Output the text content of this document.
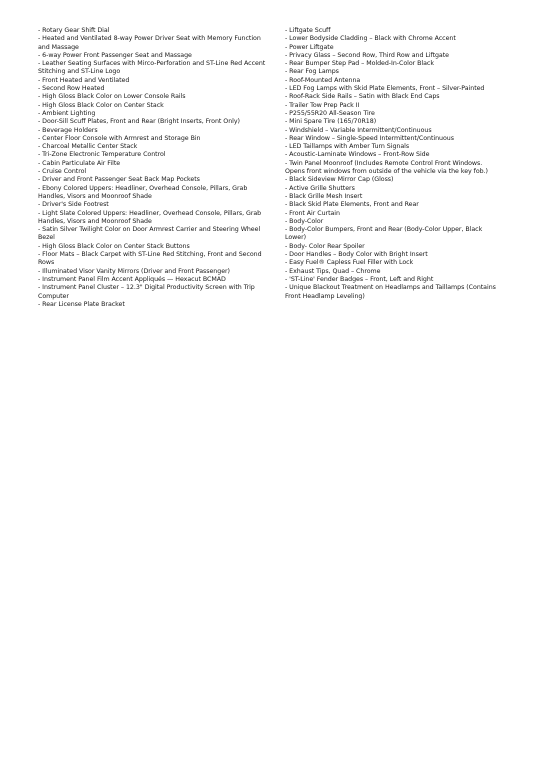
- Rotary Gear Shift Dial
- Heated and Ventilated 8-way Power Driver Seat with Memory Function and Massage
- 6-way Power Front Passenger Seat and Massage
- Leather Seating Surfaces with Mirco-Perforation and ST-Line Red Accent Stitching and ST-Line Logo
- Front Heated and Ventilated
- Second Row Heated
- High Gloss Black Color on Lower Console Rails
- High Gloss Black Color on Center Stack
- Ambient Lighting
- Door-Sill Scuff Plates, Front and Rear (Bright Inserts, Front Only)
- Beverage Holders
- Center Floor Console with Armrest and Storage Bin
- Charcoal Metallic Center Stack
- Tri-Zone Electronic Temperature Control
- Cabin Particulate Air Filte
- Cruise Control
- Driver and Front Passenger Seat Back Map Pockets
- Ebony Colored Uppers: Headliner, Overhead Console, Pillars, Grab Handles, Visors and Moonroof Shade
- Driver's Side Footrest
- Light Slate Colored Uppers: Headliner, Overhead Console, Pillars, Grab Handles, Visors and Moonroof Shade
- Satin Silver Twilight Color on Door Armrest Carrier and Steering Wheel Bezel
- High Gloss Black Color on Center Stack Buttons
- Floor Mats – Black Carpet with ST-Line Red Stitching, Front and Second Rows
- Illuminated Visor Vanity Mirrors (Driver and Front Passenger)
- Instrument Panel Film Accent Appliqués — Hexacut BCMAD
- Instrument Panel Cluster – 12.3" Digital Productivity Screen with Trip Computer
- Rear License Plate Bracket
- Liftgate Scuff
- Lower Bodyside Cladding – Black with Chrome Accent
- Power Liftgate
- Privacy Glass – Second Row, Third Row and Liftgate
- Rear Bumper Step Pad – Molded-In-Color Black
- Rear Fog Lamps
- Roof-Mounted Antenna
- LED Fog Lamps with Skid Plate Elements, Front – Silver-Painted
- Roof-Rack Side Rails – Satin with Black End Caps
- Trailer Tow Prep Pack II
- P255/55R20 All-Season Tire
- Mini Spare Tire (165/70R18)
- Windshield – Variable Intermittent/Continuous
- Rear Window – Single-Speed Intermittent/Continuous
- LED Taillamps with Amber Turn Signals
- Acoustic-Laminate Windows – Front-Row Side
- Twin Panel Moonroof (Includes Remote Control Front Windows. Opens front windows from outside of the vehicle via the key fob.)
- Black Sideview Mirror Cap (Gloss)
- Active Grille Shutters
- Black Grille Mesh Insert
- Black Skid Plate Elements, Front and Rear
- Front Air Curtain
- Body-Color
- Body-Color Bumpers, Front and Rear (Body-Color Upper, Black Lower)
- Body- Color Rear Spoiler
- Door Handles – Body Color with Bright Insert
- Easy Fuel® Capless Fuel Filler with Lock
- Exhaust Tips, Quad – Chrome
- 'ST-Line' Fender Badges – Front, Left and Right
- Unique Blackout Treatment on Headlamps and Taillamps (Contains Front Headlamp Leveling)
